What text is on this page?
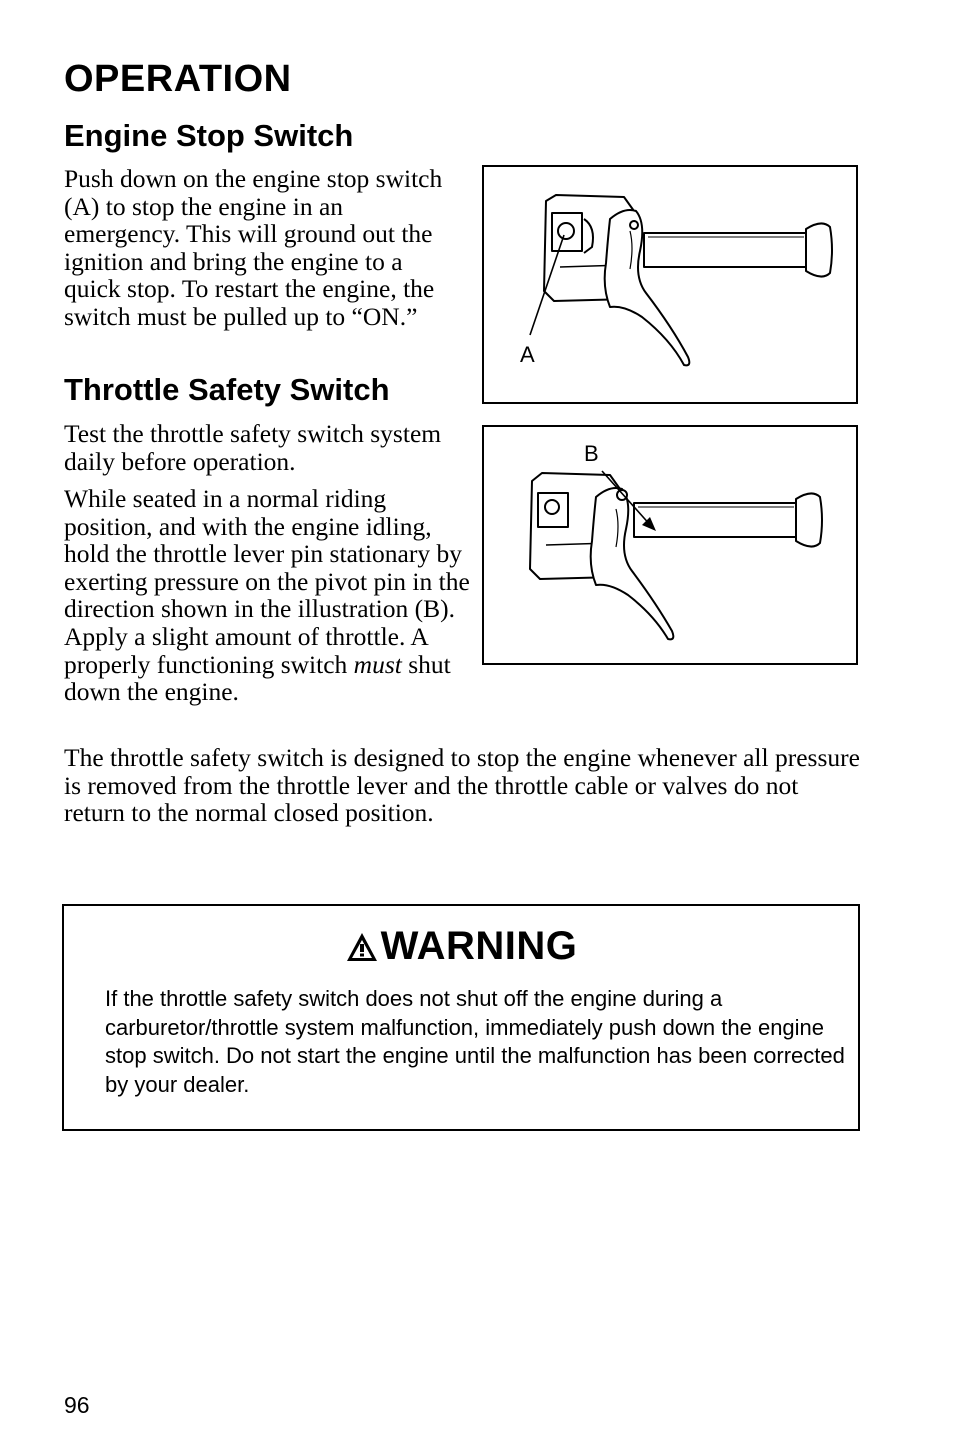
OPERATION
Engine Stop Switch

Push down on the engine stop switch (A) to stop the engine in an emergency. This will ground out the ignition and bring the engine to a quick stop. To restart the engine, the switch must be pulled up to “ON.”

A
Throttle Safety Switch

Test the throttle safety switch system daily before operation.

While seated in a normal riding position, and with the engine idling, hold the throttle lever pin stationary by exerting pressure on the pivot pin in the direction shown in the illustration (B). Apply a slight amount of throttle. A properly functioning switch must shut down the engine.

B

The throttle safety switch is designed to stop the engine whenever all pressure is removed from the throttle lever and the throttle cable or valves do not return to the normal closed position.

WARNING

If the throttle safety switch does not shut off the engine during a carburetor/throttle system malfunction, immediately push down the engine stop switch. Do not start the engine until the malfunction has been corrected by your dealer.

96
